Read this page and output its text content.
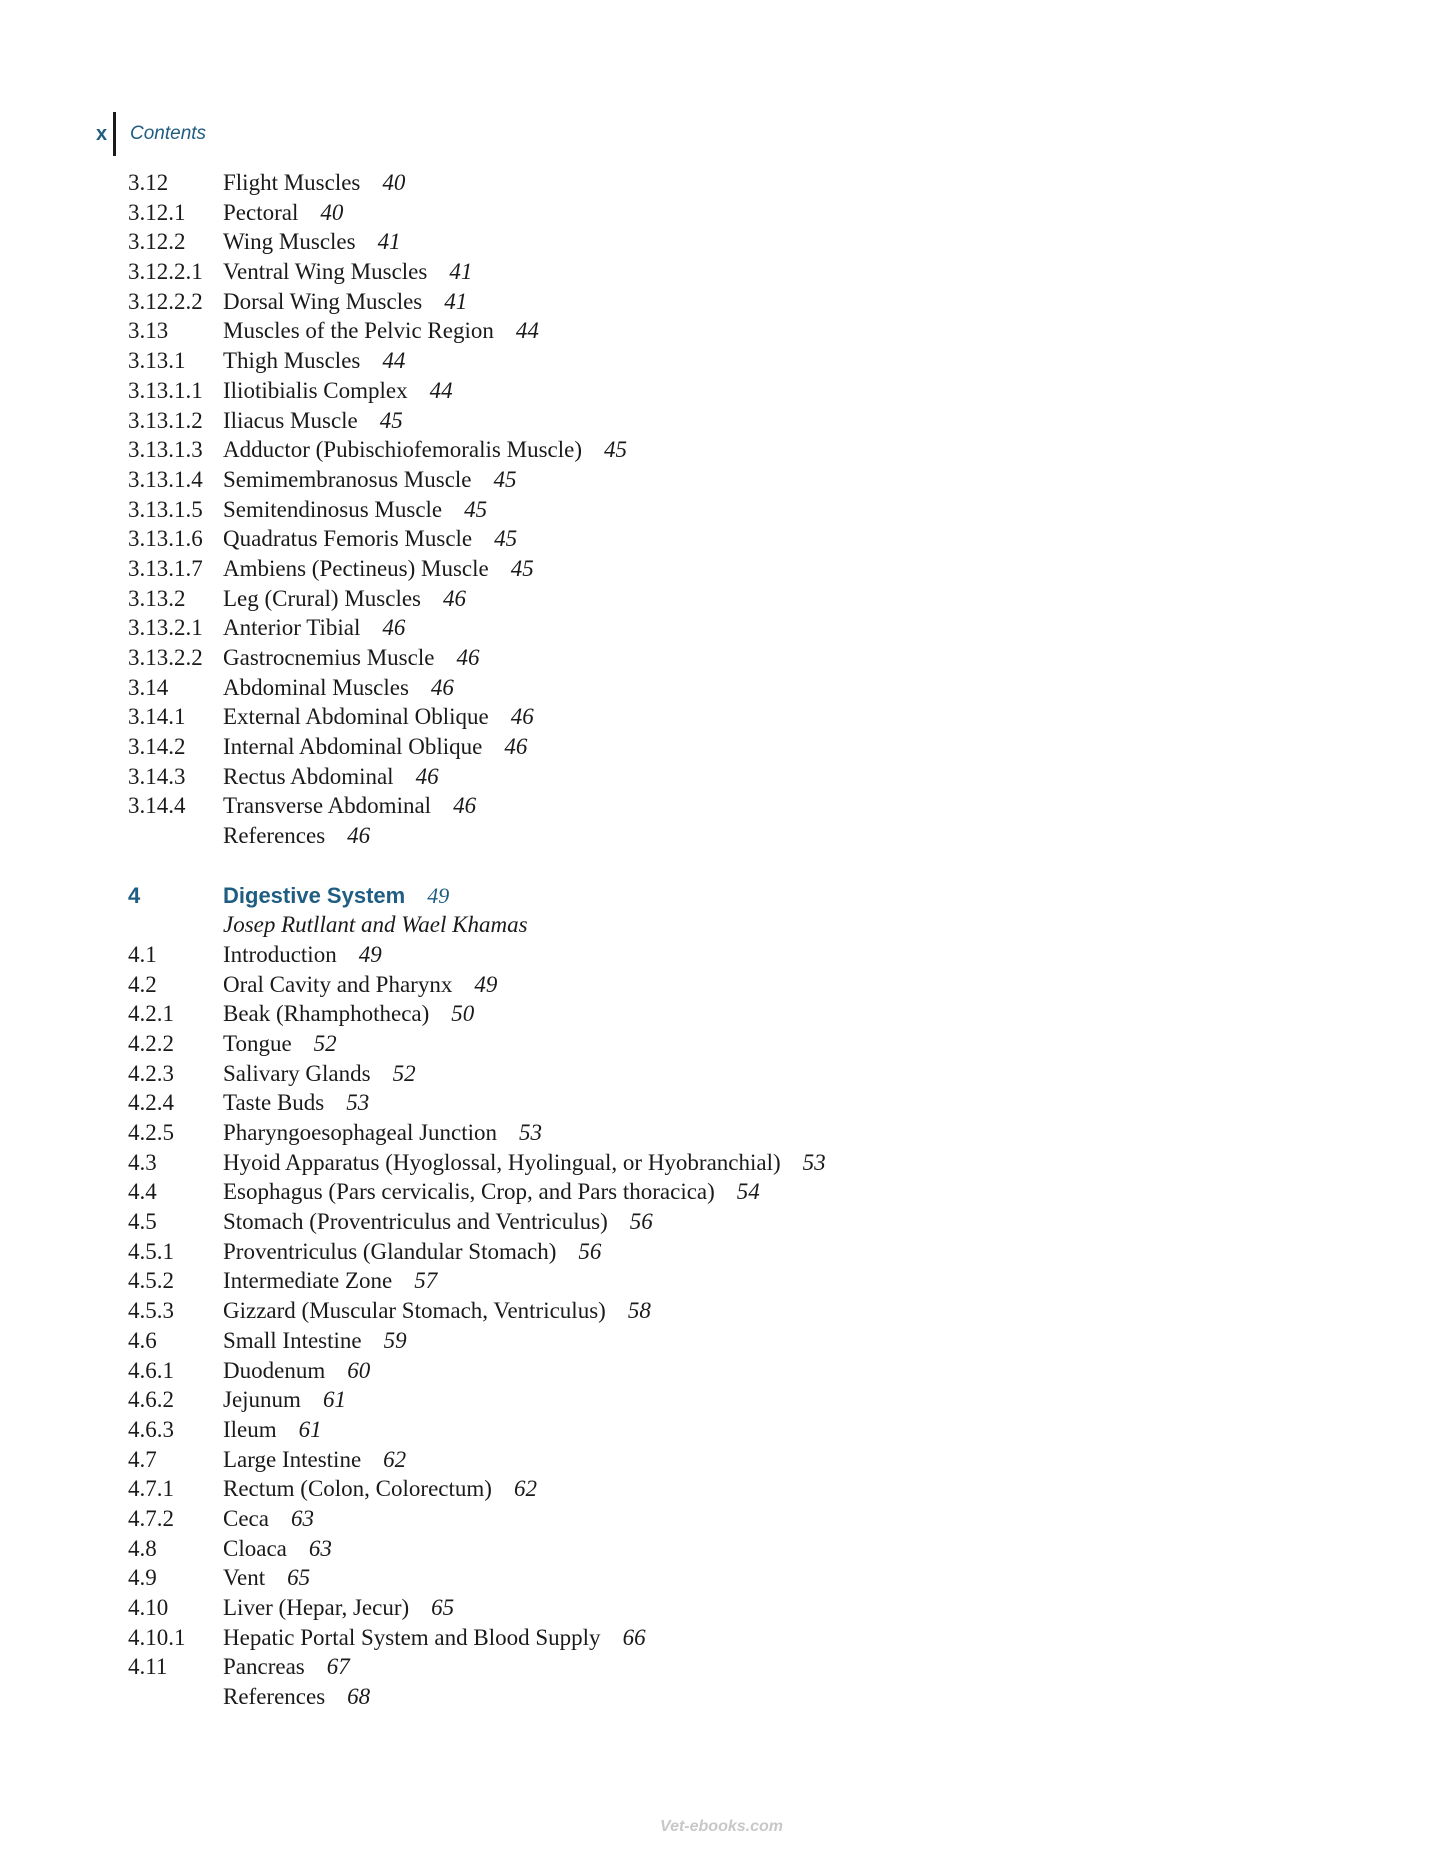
x	Contents
3.12	Flight Muscles 40
3.12.1	Pectoral 40
3.12.2	Wing Muscles 41
3.12.2.1 Ventral Wing Muscles 41
3.12.2.2 Dorsal Wing Muscles 41
3.13	Muscles of the Pelvic Region 44
3.13.1	Thigh Muscles 44
3.13.1.1 Iliotibialis Complex 44
3.13.1.2 Iliacus Muscle 45
3.13.1.3 Adductor (Pubischiofemoralis Muscle) 45
3.13.1.4 Semimembranosus Muscle 45
3.13.1.5 Semitendinosus Muscle 45
3.13.1.6 Quadratus Femoris Muscle 45
3.13.1.7 Ambiens (Pectineus) Muscle 45
3.13.2	Leg (Crural) Muscles 46
3.13.2.1 Anterior Tibial 46
3.13.2.2 Gastrocnemius Muscle 46
3.14	Abdominal Muscles 46
3.14.1	External Abdominal Oblique 46
3.14.2	Internal Abdominal Oblique 46
3.14.3	Rectus Abdominal 46
3.14.4	Transverse Abdominal 46
References 46
4	Digestive System 49
Josep Rutllant and Wael Khamas
4.1	Introduction 49
4.2	Oral Cavity and Pharynx 49
4.2.1	Beak (Rhamphotheca) 50
4.2.2	Tongue 52
4.2.3	Salivary Glands 52
4.2.4	Taste Buds 53
4.2.5	Pharyngoesophageal Junction 53
4.3	Hyoid Apparatus (Hyoglossal, Hyolingual, or Hyobranchial) 53
4.4	Esophagus (Pars cervicalis, Crop, and Pars thoracica) 54
4.5	Stomach (Proventriculus and Ventriculus) 56
4.5.1	Proventriculus (Glandular Stomach) 56
4.5.2	Intermediate Zone 57
4.5.3	Gizzard (Muscular Stomach, Ventriculus) 58
4.6	Small Intestine 59
4.6.1	Duodenum 60
4.6.2	Jejunum 61
4.6.3	Ileum 61
4.7	Large Intestine 62
4.7.1	Rectum (Colon, Colorectum) 62
4.7.2	Ceca 63
4.8	Cloaca 63
4.9	Vent 65
4.10	Liver (Hepar, Jecur) 65
4.10.1	Hepatic Portal System and Blood Supply 66
4.11	Pancreas 67
References 68
Vet-ebooks.com
